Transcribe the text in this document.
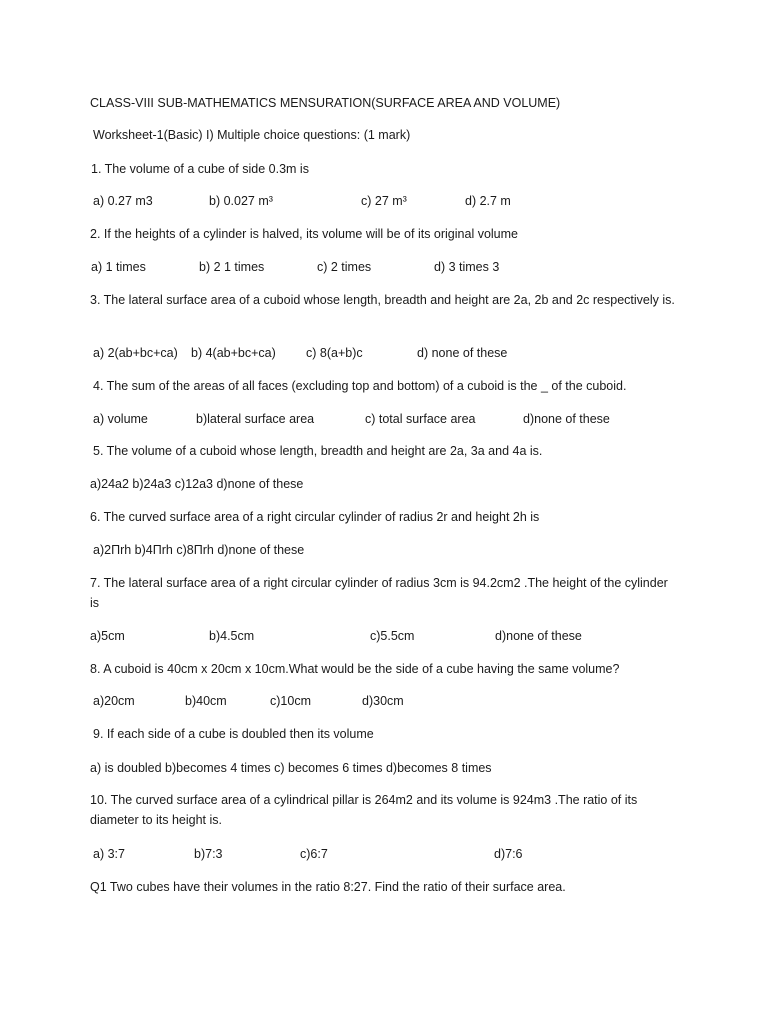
CLASS-VIII SUB-MATHEMATICS MENSURATION(SURFACE AREA AND VOLUME)
Worksheet-1(Basic) I) Multiple choice questions: (1 mark)
1. The volume of a cube of side 0.3m is
a) 0.27 m3	b) 0.027 m³	c) 27 m³	d) 2.7 m
2. If the heights of a cylinder is halved, its volume will be of its original volume
a) 1 times	b) 2 1 times	c) 2 times	d) 3 times 3
3. The lateral surface area of a cuboid whose length, breadth and height are 2a, 2b and 2c respectively is.
a) 2(ab+bc+ca) b) 4(ab+bc+ca) c) 8(a+b)c	d) none of these
4. The sum of the areas of all faces (excluding top and bottom) of a cuboid is the _ of the cuboid.
a) volume	b)lateral surface area	c) total surface area	d)none of these
5. The volume of a cuboid whose length, breadth and height are 2a, 3a and 4a is.
a)24a2 b)24a3 c)12a3 d)none of these
6. The curved surface area of a right circular cylinder of radius 2r and height 2h is
a)2Πrh b)4Πrh c)8Πrh d)none of these
7. The lateral surface area of a right circular cylinder of radius 3cm is 94.2cm2 .The height of the cylinder is
a)5cm	b)4.5cm	c)5.5cm	d)none of these
8. A cuboid is 40cm x 20cm x 10cm.What would be the side of a cube having the same volume?
a)20cm	b)40cm	c)10cm	d)30cm
9. If each side of a cube is doubled then its volume
a) is doubled b)becomes 4 times c) becomes 6 times d)becomes 8 times
10. The curved surface area of a cylindrical pillar is 264m2 and its volume is 924m3 .The ratio of its diameter to its height is.
a) 3:7	b)7:3	c)6:7	d)7:6
Q1 Two cubes have their volumes in the ratio 8:27. Find the ratio of their surface area.
